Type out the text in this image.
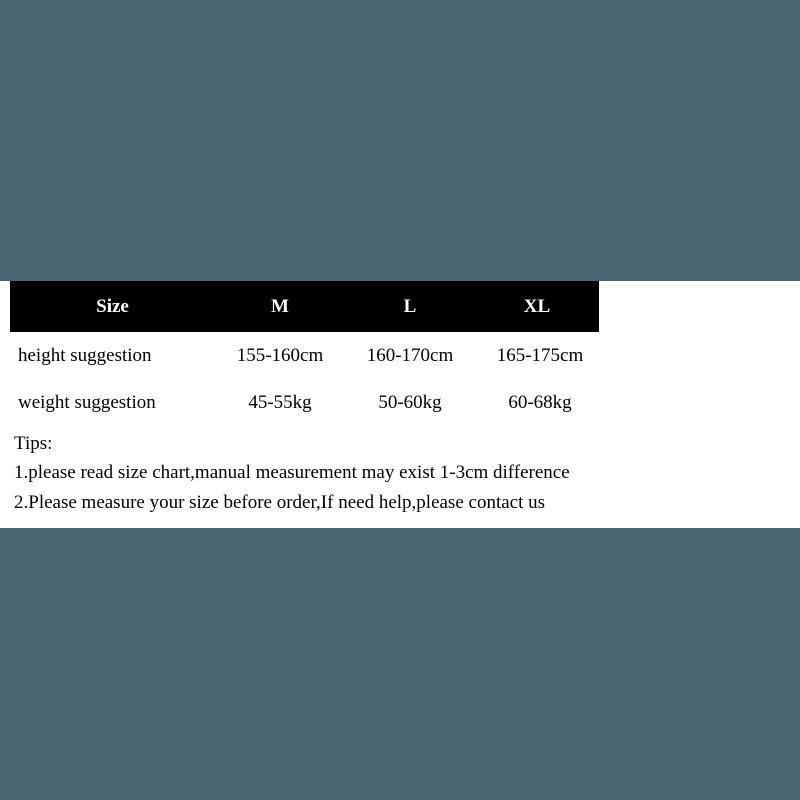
Size	M	L	XL
height suggestion	155-160cm	160-170cm	165-175cm
weight suggestion	45-55kg	50-60kg	60-68kg
Tips:
1.please read size chart,manual measurement may exist 1-3cm difference
2.Please measure your size before order,If need help,please contact us
